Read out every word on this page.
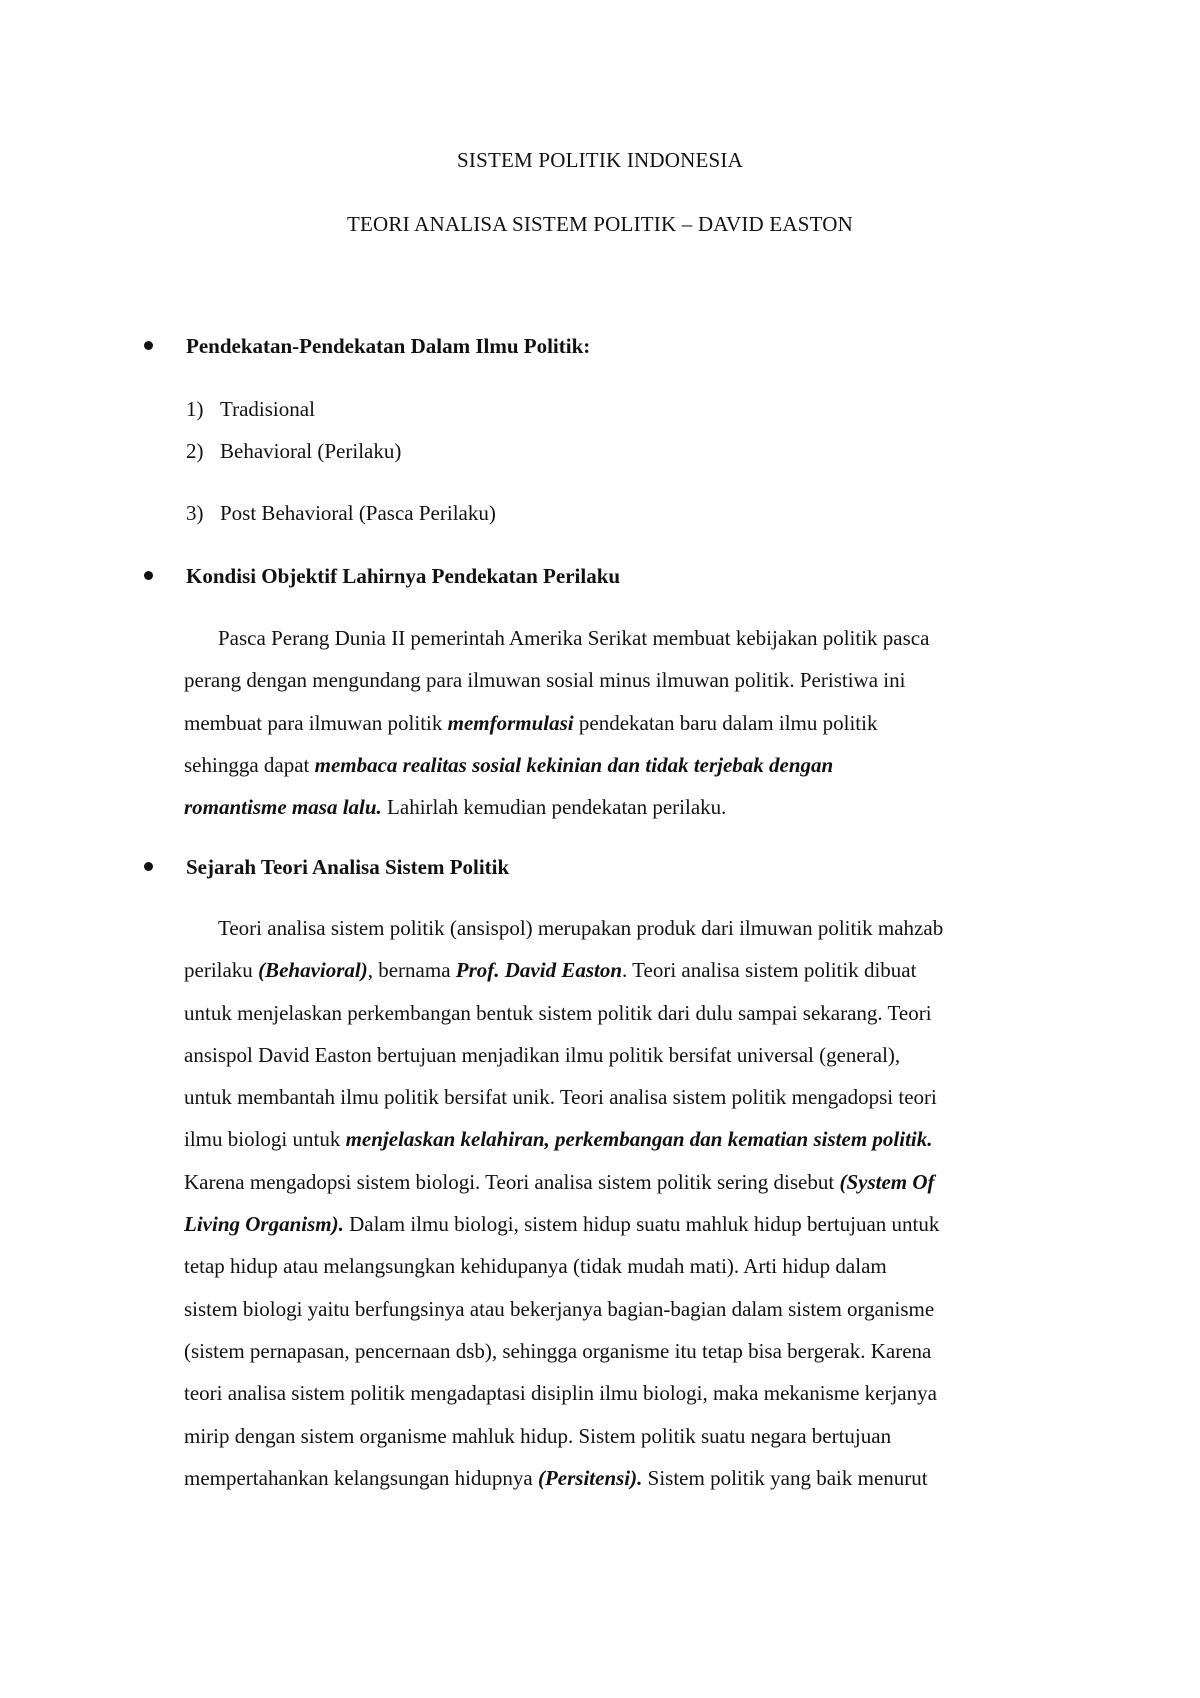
SISTEM POLITIK INDONESIA
TEORI ANALISA SISTEM POLITIK – DAVID EASTON
Pendekatan-Pendekatan Dalam Ilmu Politik:
1) Tradisional
2) Behavioral (Perilaku)
3) Post Behavioral (Pasca Perilaku)
Kondisi Objektif Lahirnya Pendekatan Perilaku
Pasca Perang Dunia II pemerintah Amerika Serikat membuat kebijakan politik pasca
perang dengan mengundang para ilmuwan sosial minus ilmuwan politik. Peristiwa ini
membuat para ilmuwan politik memformulasi pendekatan baru dalam ilmu politik
sehingga dapat membaca realitas sosial kekinian dan tidak terjebak dengan
romantisme masa lalu. Lahirlah kemudian pendekatan perilaku.
Sejarah Teori Analisa Sistem Politik
Teori analisa sistem politik (ansispol) merupakan produk dari ilmuwan politik mahzab
perilaku (Behavioral), bernama Prof. David Easton. Teori analisa sistem politik dibuat
untuk menjelaskan perkembangan bentuk sistem politik dari dulu sampai sekarang. Teori
ansispol David Easton bertujuan menjadikan ilmu politik bersifat universal (general),
untuk membantah ilmu politik bersifat unik. Teori analisa sistem politik mengadopsi teori
ilmu biologi untuk menjelaskan kelahiran, perkembangan dan kematian sistem politik.
Karena mengadopsi sistem biologi. Teori analisa sistem politik sering disebut (System Of
Living Organism). Dalam ilmu biologi, sistem hidup suatu mahluk hidup bertujuan untuk
tetap hidup atau melangsungkan kehidupanya (tidak mudah mati). Arti hidup dalam
sistem biologi yaitu berfungsinya atau bekerjanya bagian-bagian dalam sistem organisme
(sistem pernapasan, pencernaan dsb), sehingga organisme itu tetap bisa bergerak. Karena
teori analisa sistem politik mengadaptasi disiplin ilmu biologi, maka mekanisme kerjanya
mirip dengan sistem organisme mahluk hidup. Sistem politik suatu negara bertujuan
mempertahankan kelangsungan hidupnya (Persitensi). Sistem politik yang baik menurut
